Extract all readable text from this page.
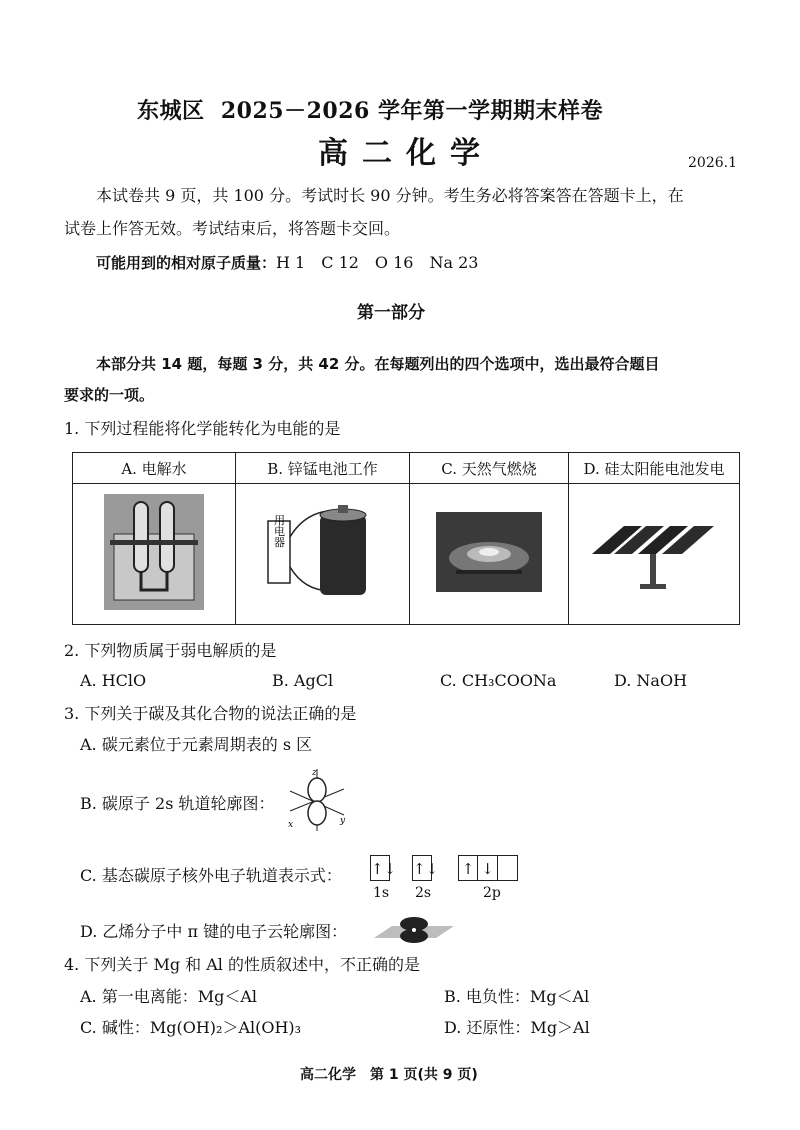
东城区 2025－2026 学年第一学期期末样卷
高二化学	2026.1
本试卷共 9 页，共 100 分。考试时长 90 分钟。考生务必将答案答在答题卡上，在
试卷上作答无效。考试结束后，将答题卡交回。
可能用到的相对原子质量：H 1　C 12　O 16　Na 23
第一部分
本部分共 14 题，每题 3 分，共 42 分。在每题列出的四个选项中，选出最符合题目
要求的一项。
1. 下列过程能将化学能转化为电能的是
A. 电解水	B. 锌锰电池工作	C. 天然气燃烧	D. 硅太阳能电池发电

用电器

2. 下列物质属于弱电解质的是
A. HClO	B. AgCl	C. CH₃COONa	D. NaOH
3. 下列关于碳及其化合物的说法正确的是
A. 碳元素位于元素周期表的 s 区
B. 碳原子 2s 轨道轮廓图：
z
x	y
C. 基态碳原子核外电子轨道表示式： ↑↓ ↑↓ ↑ ↓
1s 2s	2p
D. 乙烯分子中 π 键的电子云轮廓图：
4. 下列关于 Mg 和 Al 的性质叙述中，不正确的是
A. 第一电离能：Mg＜Al	B. 电负性：Mg＜Al
C. 碱性：Mg(OH)₂＞Al(OH)₃	D. 还原性：Mg＞Al
高二化学　第 1 页(共 9 页)
